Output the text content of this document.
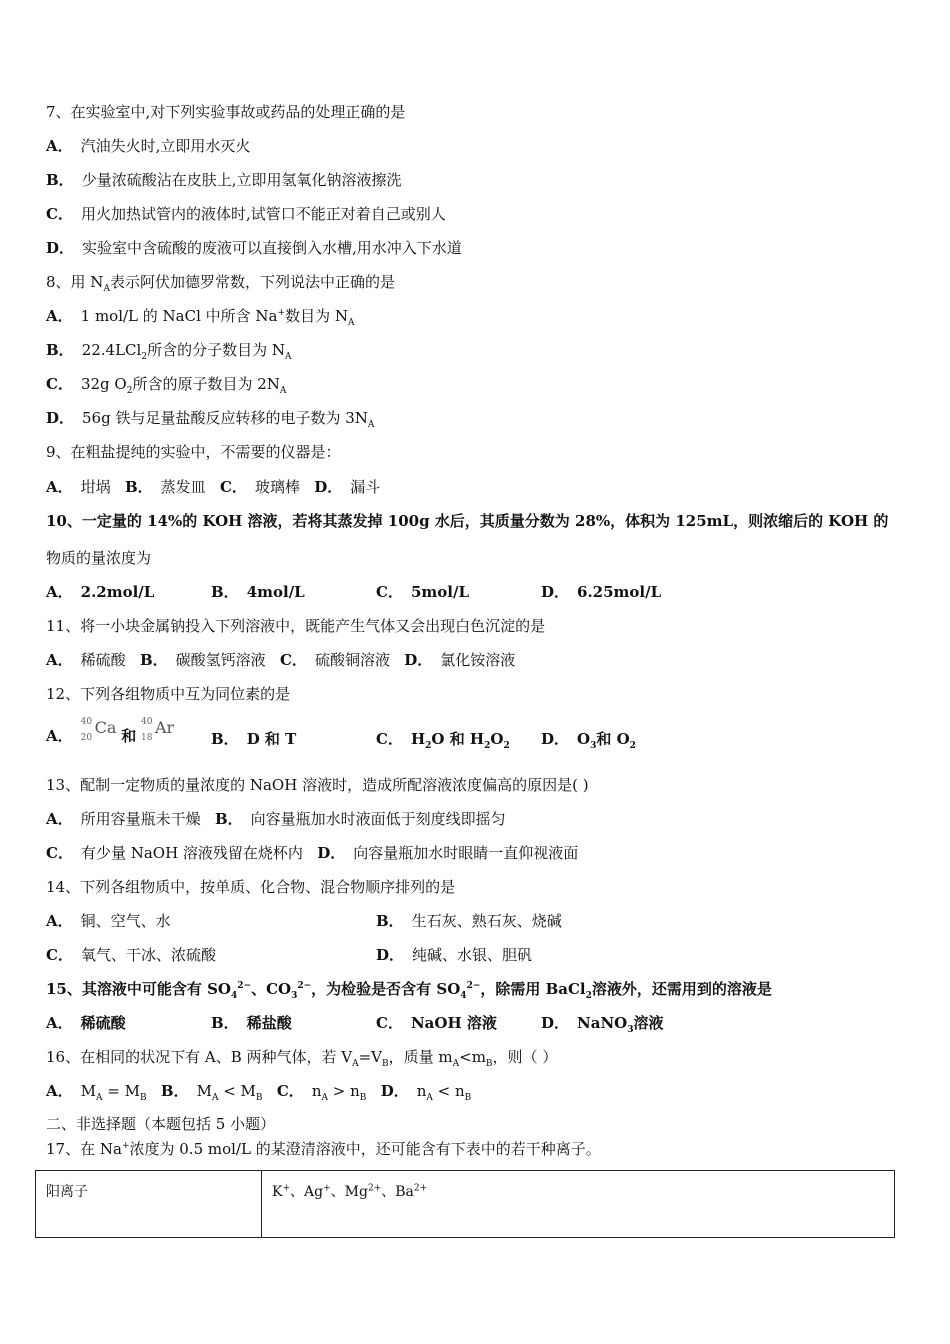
7、在实验室中,对下列实验事故或药品的处理正确的是
A． 汽油失火时,立即用水灭火
B． 少量浓硫酸沾在皮肤上,立即用氢氧化钠溶液擦洗
C． 用火加热试管内的液体时,试管口不能正对着自己或别人
D． 实验室中含硫酸的废液可以直接倒入水槽,用水冲入下水道
8、用 $N_A$表示阿伏加德罗常数，下列说法中正确的是
A． 1 mol/L 的 NaCl 中所含 Na+数目为 $N_A$
B． 22.4LCl$_2$所含的分子数目为 $N_A$
C． 32g $O_2$所含的原子数目为 $2N_A$
D． 56g 铁与足量盐酸反应转移的电子数为 $3N_A$
9、在粗盐提纯的实验中，不需要的仪器是：
A． 坩埚 B． 蒸发皿 C． 玻璃棒 D． 漏斗
10、一定量的 14%的 KOH 溶液，若将其蒸发掉 100g 水后，其质量分数为 28%，体积为 125mL，则浓缩后的 KOH 的
物质的量浓度为
A． 2.2mol/L	B． 4mol/L	C． 5mol/L	D． 6.25mol/L
11、将一小块金属钠投入下列溶液中，既能产生气体又会出现白色沉淀的是
A． 稀硫酸 B． 碳酸氢钙溶液 C． 硫酸铜溶液 D． 氯化铵溶液
12、下列各组物质中互为同位素的是
A．
40
20
Ca 和
40
18
Ar
B． D 和 T	C． $H_2O$ 和 $H_2O_2$ D． $O_3$和 $O_2$
13、配制一定物质的量浓度的 NaOH 溶液时，造成所配溶液浓度偏高的原因是( )
A． 所用容量瓶未干燥 B． 向容量瓶加水时液面低于刻度线即摇匀
C． 有少量 NaOH 溶液残留在烧杯内 D． 向容量瓶加水时眼睛一直仰视液面
14、下列各组物质中，按单质、化合物、混合物顺序排列的是
A． 铜、空气、水	B． 生石灰、熟石灰、烧碱
C． 氧气、干冰、浓硫酸	D． 纯碱、水银、胆矾
15、其溶液中可能含有 $SO_4^{2-}$、$CO_3^{2-}$，为检验是否含有 $SO_4^{2-}$，除需用 BaCl$_2$溶液外，还需用到的溶液是
A． 稀硫酸	B． 稀盐酸	C． NaOH 溶液	D． NaNO$_3$溶液
16、在相同的状况下有 A、B 两种气体，若 $V_A=V_B$，质量 $m_A<m_B$，则（ ）
A． $M_A = M_B$ B． $M_A < M_B$ C． $n_A > n_B$ D． $n_A < n_B$
二、非选择题（本题包括 5 小题）
17、在 Na+浓度为 0.5 mol/L 的某澄清溶液中，还可能含有下表中的若干种离子。
阳离子	K+、Ag+、$Mg^{2+}$、$Ba^{2+}$
